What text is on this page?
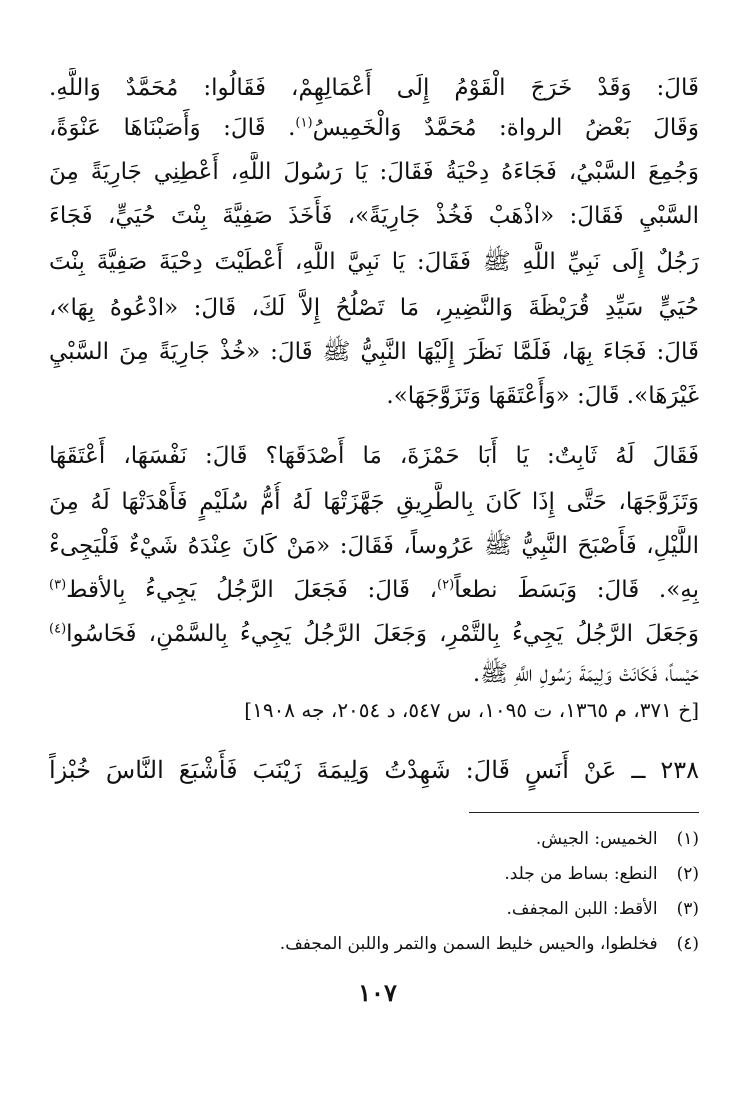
قَالَ: وَقَدْ خَرَجَ الْقَوْمُ إِلَى أَعْمَالِهِمْ، فَقَالُوا: مُحَمَّدٌ وَاللَّهِ.
وَقَالَ بَعْضُ الرواة: مُحَمَّدٌ وَالْخَمِيسُ$^{(١)}$. قَالَ: وَأَصَبْنَاهَا عَنْوَةً،
وَجُمِعَ السَّبْيُ، فَجَاءَهُ دِحْيَةُ فَقَالَ: يَا رَسُولَ اللَّهِ، أَعْطِنِي جَارِيَةً مِنَ
السَّبْيِ فَقَالَ: «اذْهَبْ فَخُذْ جَارِيَةً»، فَأَخَذَ صَفِيَّةَ بِنْتَ حُيَيٍّ، فَجَاءَ
رَجُلٌ إِلَى نَبِيِّ اللَّهِ ﷺ فَقَالَ: يَا نَبِيَّ اللَّهِ، أَعْطَيْتَ دِحْيَةَ صَفِيَّةَ بِنْتَ
حُيَيٍّ سَيِّدِ قُرَيْظَةَ وَالنَّضِيرِ، مَا تَصْلُحُ إِلاَّ لَكَ، قَالَ: «ادْعُوهُ بِهَا»،
قَالَ: فَجَاءَ بِهَا، فَلَمَّا نَظَرَ إِلَيْهَا النَّبِيُّ ﷺ قَالَ: «خُذْ جَارِيَةً مِنَ السَّبْيِ
غَيْرَهَا». قَالَ: «وَأَعْتَقَهَا وَتَزَوَّجَهَا».
فَقَالَ لَهُ ثَابِتٌ: يَا أَبَا حَمْزَةَ، مَا أَصْدَقَهَا؟ قَالَ: نَفْسَهَا، أَعْتَقَهَا
وَتَزَوَّجَهَا، حَتَّى إِذَا كَانَ بِالطَّرِيقِ جَهَّزَتْهَا لَهُ أُمُّ سُلَيْمٍ فَأَهْدَتْهَا لَهُ مِنَ
اللَّيْلِ، فَأَصْبَحَ النَّبِيُّ ﷺ عَرُوساً، فَقَالَ: «مَنْ كَانَ عِنْدَهُ شَيْءٌ فَلْيَجِىءْ
بِهِ». قَالَ: وَبَسَطَ نطعاً$^{(٢)}$، قَالَ: فَجَعَلَ الرَّجُلُ يَجِيءُ بِالأقط$^{(٣)}$
وَجَعَلَ الرَّجُلُ يَجِيءُ بِالتَّمْرِ، وَجَعَلَ الرَّجُلُ يَجِيءُ بِالسَّمْنِ، فَحَاسُوا$^{(٤)}$
حَيْساً، فَكَانَتْ وَلِيمَةَ رَسُولِ اللَّهِ ﷺ.
[خ ٣٧١، م ١٣٦٥، ت ١٠٩٥، س ٥٤٧، د ٢٠٥٤، جه ١٩٠٨]
٢٣٨ ــ عَنْ أَنَسٍ قَالَ: شَهِدْتُ وَلِيمَةَ زَيْنَبَ فَأَشْبَعَ النَّاسَ خُبْزاً
(١) الخميس: الجيش.
(٢) النطع: بساط من جلد.
(٣) الأقط: اللبن المجفف.
(٤) فخلطوا، والحيس خليط السمن والتمر واللبن المجفف.
١٠٧
